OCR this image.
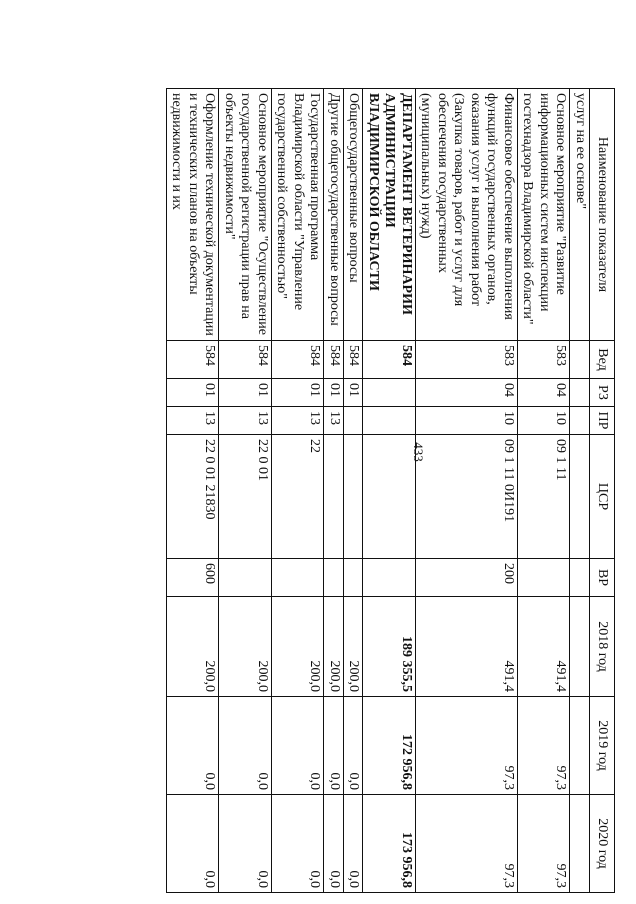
433
Наименование показателя	Вед	РЗ	ПР	ЦСР	ВР	2018 год	2019 год	2020 год
услуг на ее основе"								
Основное мероприятие "Развитие информационных систем инспекции гостехнадзора Владимирской области"	583	04	10	09 1 11		491,4	97,3	97,3
Финансовое обеспечение выполнения функций государственных органов, оказания услуг и выполнения работ (Закупка товаров, работ и услуг для обеспечения государственных (муниципальных) нужд)	583	04	10	09 1 11 0И191	200	491,4	97,3	97,3
ДЕПАРТАМЕНТ ВЕТЕРИНАРИИ АДМИНИСТРАЦИИ ВЛАДИМИРСКОЙ ОБЛАСТИ	584					189 355,5	172 956,8	173 956,8
Общегосударственные вопросы	584	01				200,0	0,0	0,0
Другие общегосударственные вопросы	584	01	13			200,0	0,0	0,0
Государственная программа Владимирской области "Управление государственной собственностью"	584	01	13	22		200,0	0,0	0,0
Основное мероприятие "Осуществление государственной регистрации прав на объекты недвижимости"	584	01	13	22 0 01		200,0	0,0	0,0
Оформление технической документации и технических планов на объекты недвижимости и их	584	01	13	22 0 01 21830	600	200,0	0,0	0,0
